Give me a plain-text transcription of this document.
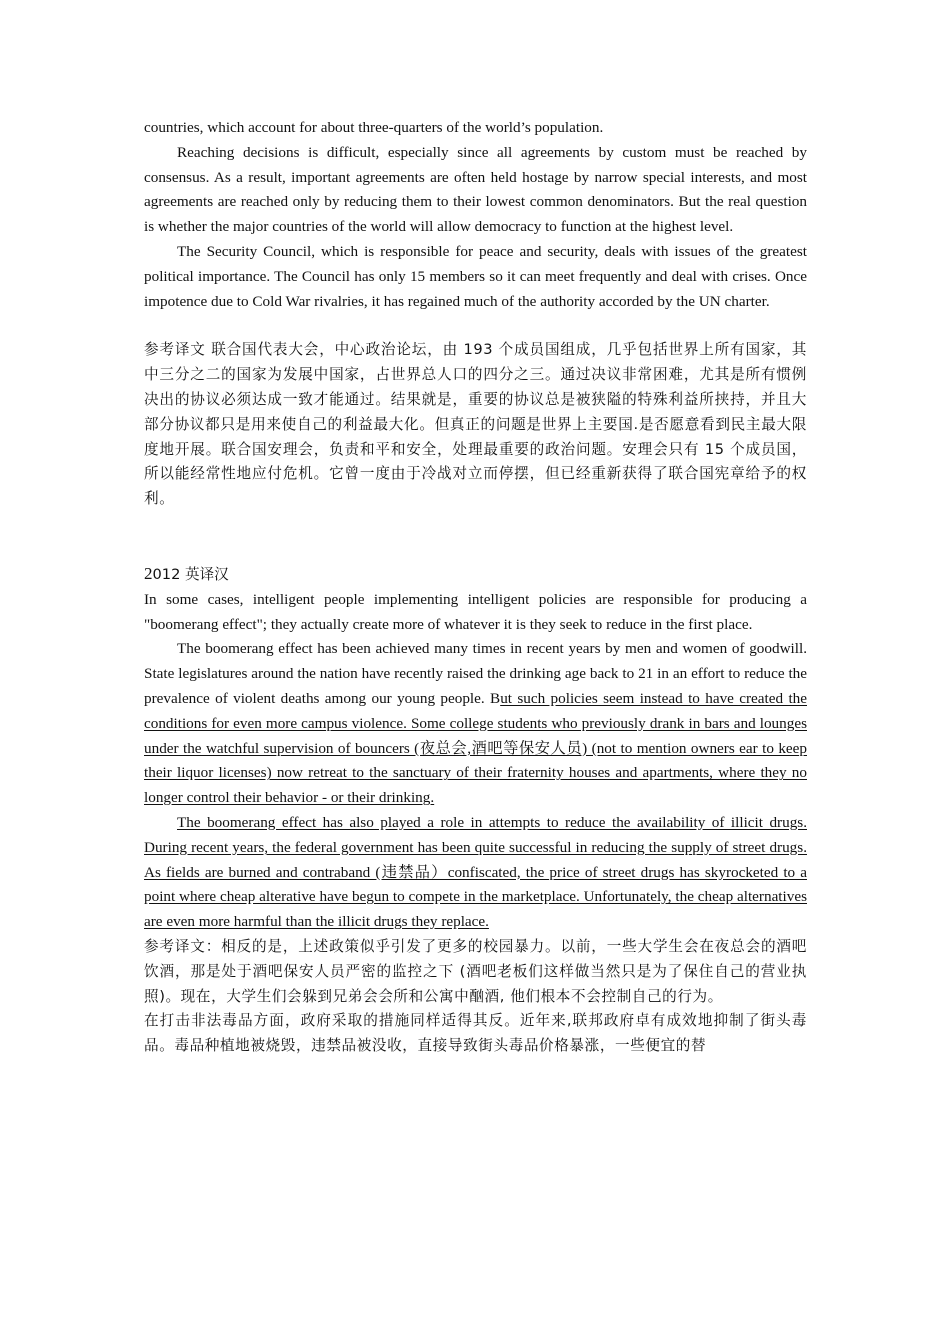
countries, which account for about three-quarters of the world’s population.

Reaching decisions is difficult, especially since all agreements by custom must be reached by consensus. As a result, important agreements are often held hostage by narrow special interests, and most agreements are reached only by reducing them to their lowest common denominators. But the real question is whether the major countries of the world will allow democracy to function at the highest level.

The Security Council, which is responsible for peace and security, deals with issues of the greatest political importance. The Council has only 15 members so it can meet frequently and deal with crises. Once impotence due to Cold War rivalries, it has regained much of the authority accorded by the UN charter.

参考译文 联合国代表大会，中心政治论坛，由 193 个成员国组成，几乎包括世界上所有国家，其中三分之二的国家为发展中国家，占世界总人口的四分之三。通过决议非常困难，尤其是所有惯例决出的协议必须达成一致才能通过。结果就是，重要的协议总是被狭隘的特殊利益所挟持，并且大部分协议都只是用来使自己的利益最大化。但真正的问题是世界上主要国.是否愿意看到民主最大限度地开展。联合国安理会，负责和平和安全，处理最重要的政治问题。安理会只有 15 个成员国，所以能经常性地应付危机。它曾一度由于冷战对立而停摆，但已经重新获得了联合国宪章给予的权利。

2012 英译汉

In some cases, intelligent people implementing intelligent policies are responsible for producing a "boomerang effect"; they actually create more of whatever it is they seek to reduce in the first place.

The boomerang effect has been achieved many times in recent years by men and women of goodwill. State legislatures around the nation have recently raised the drinking age back to 21 in an effort to reduce the prevalence of violent deaths among our young people. But such policies seem instead to have created the conditions for even more campus violence. Some college students who previously drank in bars and lounges under the watchful supervision of bouncers (夜总会,酒吧等保安人员) (not to mention owners ear to keep their liquor licenses) now retreat to the sanctuary of their fraternity houses and apartments, where they no longer control their behavior - or their drinking.

The boomerang effect has also played a role in attempts to reduce the availability of illicit drugs. During recent years, the federal government has been quite successful in reducing the supply of street drugs. As fields are burned and contraband (违禁品）confiscated, the price of street drugs has skyrocketed to a point where cheap alterative have begun to compete in the marketplace. Unfortunately, the cheap alternatives are even more harmful than the illicit drugs they replace.

参考译文：相反的是，上述政策似乎引发了更多的校园暴力。以前，一些大学生会在夜总会的酒吧饮酒，那是处于酒吧保安人员严密的监控之下 (酒吧老板们这样做当然只是为了保住自己的营业执照)。现在，大学生们会躲到兄弟会会所和公寓中酗酒, 他们根本不会控制自己的行为。

在打击非法毒品方面，政府采取的措施同样适得其反。近年来,联邦政府卓有成效地抑制了街头毒品。毒品种植地被烧毁，违禁品被没收，直接导致街头毒品价格暴涨，一些便宜的替
